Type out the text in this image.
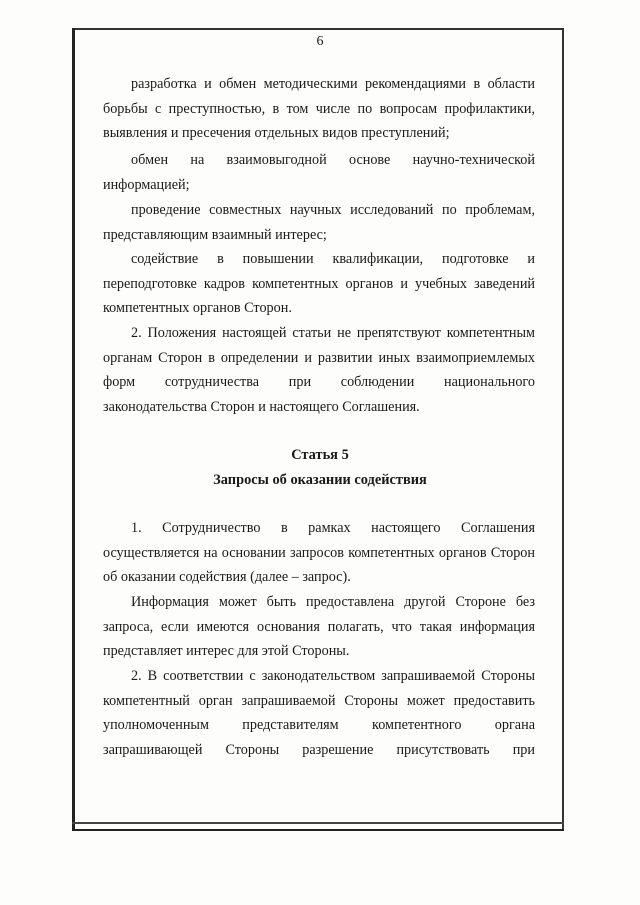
6
разработка и обмен методическими рекомендациями в области борьбы с преступностью, в том числе по вопросам профилактики, выявления и пресечения отдельных видов преступлений;
обмен на взаимовыгодной основе научно-технической информацией;
проведение совместных научных исследований по проблемам, представляющим взаимный интерес;
содействие в повышении квалификации, подготовке и переподготовке кадров компетентных органов и учебных заведений компетентных органов Сторон.
2. Положения настоящей статьи не препятствуют компетентным органам Сторон в определении и развитии иных взаимоприемлемых форм сотрудничества при соблюдении национального законодательства Сторон и настоящего Соглашения.
Статья 5
Запросы об оказании содействия
1. Сотрудничество в рамках настоящего Соглашения осуществляется на основании запросов компетентных органов Сторон об оказании содействия (далее – запрос).
Информация может быть предоставлена другой Стороне без запроса, если имеются основания полагать, что такая информация представляет интерес для этой Стороны.
2. В соответствии с законодательством запрашиваемой Стороны компетентный орган запрашиваемой Стороны может предоставить уполномоченным представителям компетентного органа запрашивающей Стороны разрешение присутствовать при
